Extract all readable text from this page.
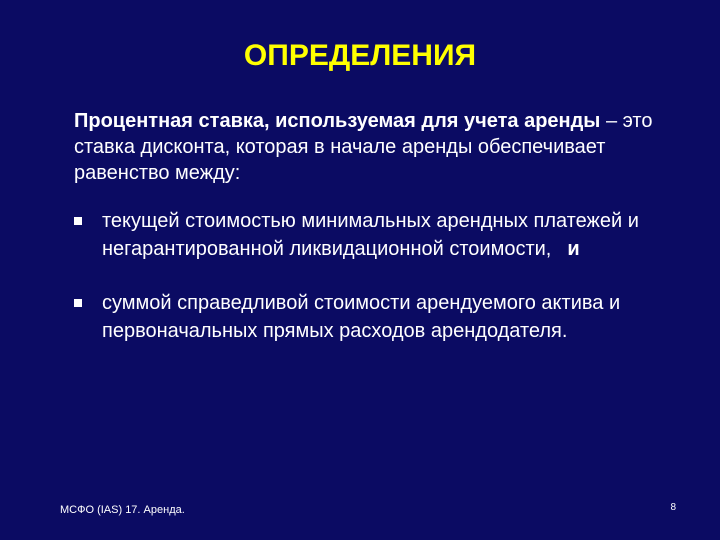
ОПРЕДЕЛЕНИЯ
Процентная ставка, используемая для учета аренды – это ставка дисконта, которая в начале аренды обеспечивает равенство между:
текущей стоимостью минимальных арендных платежей и негарантированной ликвидационной стоимости, и
суммой справедливой стоимости арендуемого актива и первоначальных прямых расходов арендодателя.
МСФО (IAS) 17. Аренда.	8
